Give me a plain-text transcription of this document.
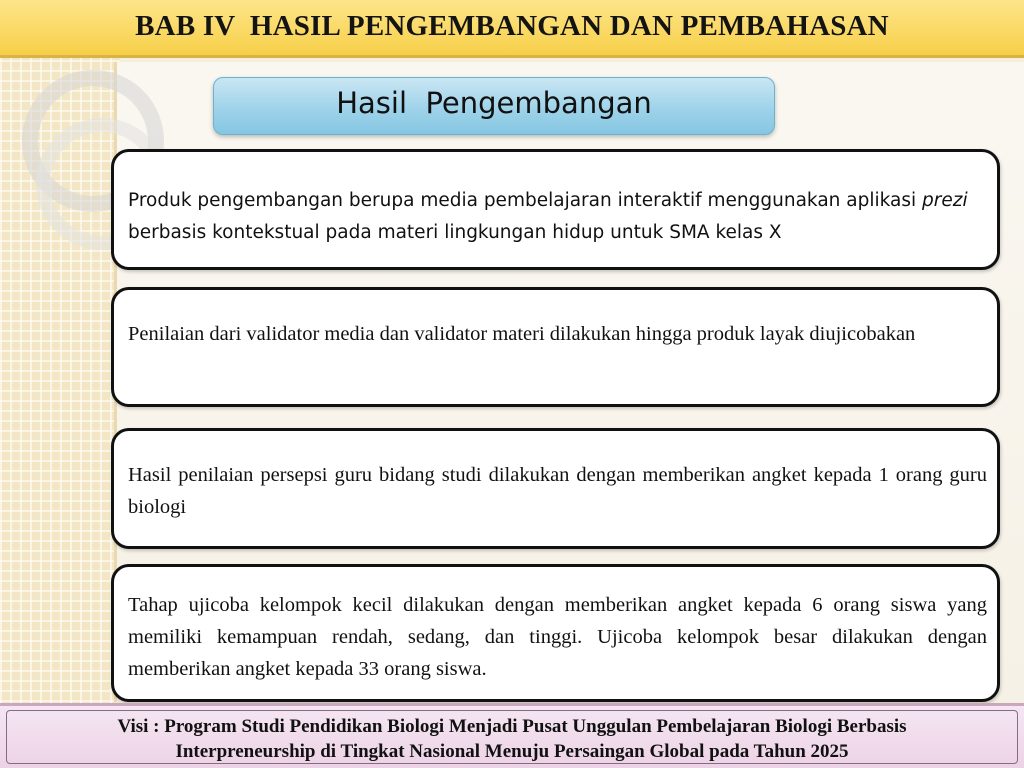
BAB IV  HASIL PENGEMBANGAN DAN PEMBAHASAN
Hasil  Pengembangan

Produk pengembangan berupa media pembelajaran interaktif menggunakan aplikasi prezi berbasis kontekstual pada materi lingkungan hidup untuk SMA kelas X

Penilaian dari validator media dan validator materi dilakukan hingga produk layak diujicobakan

Hasil penilaian persepsi guru bidang studi dilakukan dengan memberikan angket kepada 1 orang guru biologi

Tahap ujicoba kelompok kecil dilakukan dengan memberikan angket kepada 6 orang siswa yang memiliki kemampuan rendah, sedang, dan tinggi. Ujicoba kelompok besar dilakukan dengan memberikan angket kepada 33 orang siswa.

Visi : Program Studi Pendidikan Biologi Menjadi Pusat Unggulan Pembelajaran Biologi Berbasis
Interpreneurship di Tingkat Nasional Menuju Persaingan Global pada Tahun 2025
